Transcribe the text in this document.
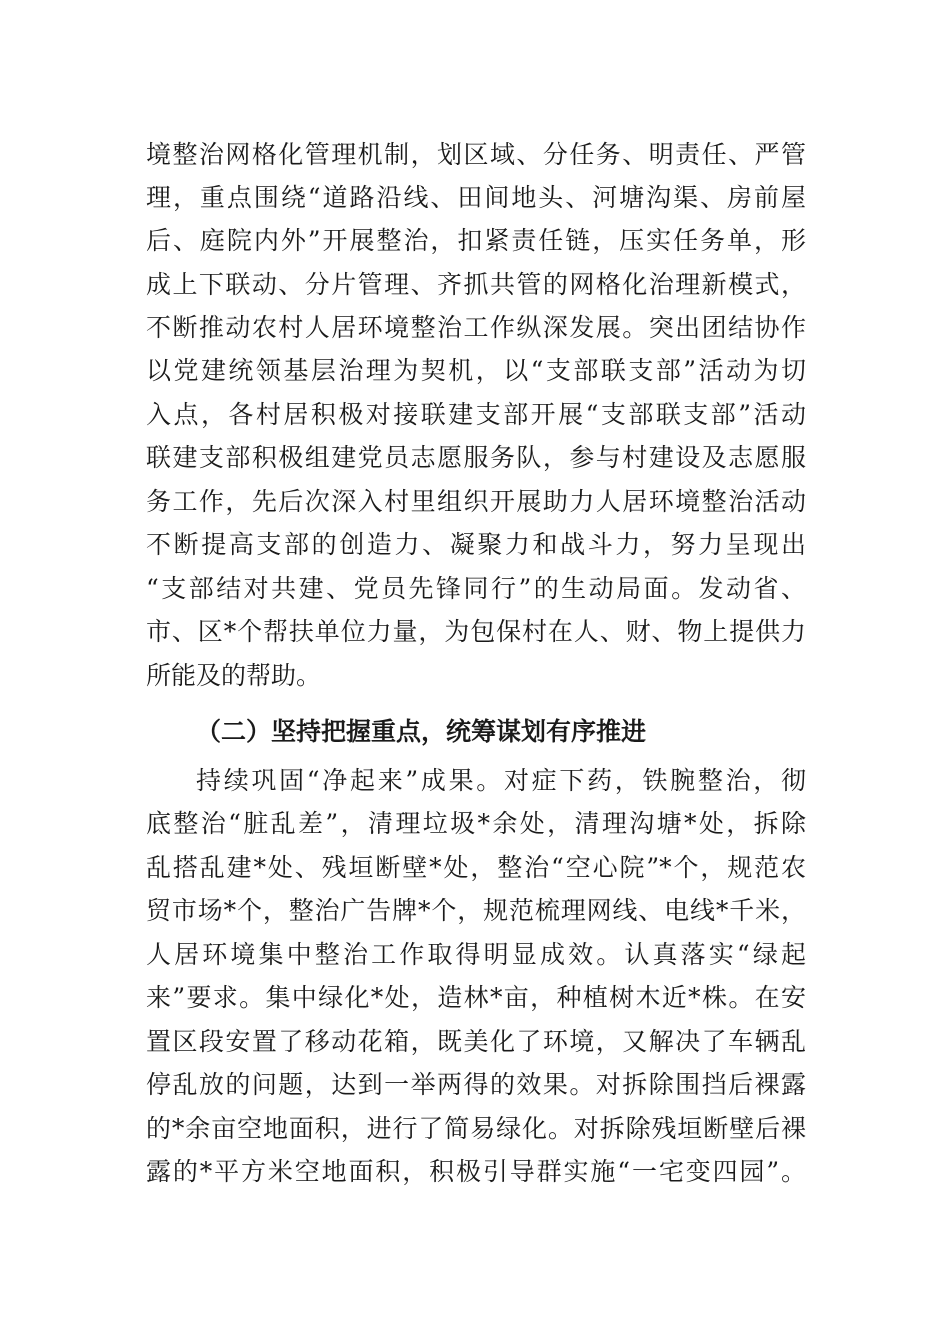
境整治网格化管理机制，划区域、分任务、明责任、严管
理，重点围绕“道路沿线、田间地头、河塘沟渠、房前屋
后、庭院内外”开展整治，扣紧责任链，压实任务单，形
成上下联动、分片管理、齐抓共管的网格化治理新模式，
不断推动农村人居环境整治工作纵深发展。突出团结协作
以党建统领基层治理为契机，以“支部联支部”活动为切
入点，各村居积极对接联建支部开展“支部联支部”活动
联建支部积极组建党员志愿服务队，参与村建设及志愿服
务工作，先后次深入村里组织开展助力人居环境整治活动
不断提高支部的创造力、凝聚力和战斗力，努力呈现出
“支部结对共建、党员先锋同行”的生动局面。发动省、
市、区*个帮扶单位力量，为包保村在人、财、物上提供力
所能及的帮助。
（二）坚持把握重点，统筹谋划有序推进
持续巩固“净起来”成果。对症下药，铁腕整治，彻
底整治“脏乱差”，清理垃圾*余处，清理沟塘*处，拆除
乱搭乱建*处、残垣断壁*处，整治“空心院”*个，规范农
贸市场*个，整治广告牌*个，规范梳理网线、电线*千米，
人居环境集中整治工作取得明显成效。认真落实“绿起
来”要求。集中绿化*处，造林*亩，种植树木近*株。在安
置区段安置了移动花箱，既美化了环境，又解决了车辆乱
停乱放的问题，达到一举两得的效果。对拆除围挡后裸露
的*余亩空地面积，进行了简易绿化。对拆除残垣断壁后裸
露的*平方米空地面积，积极引导群实施“一宅变四园”。
